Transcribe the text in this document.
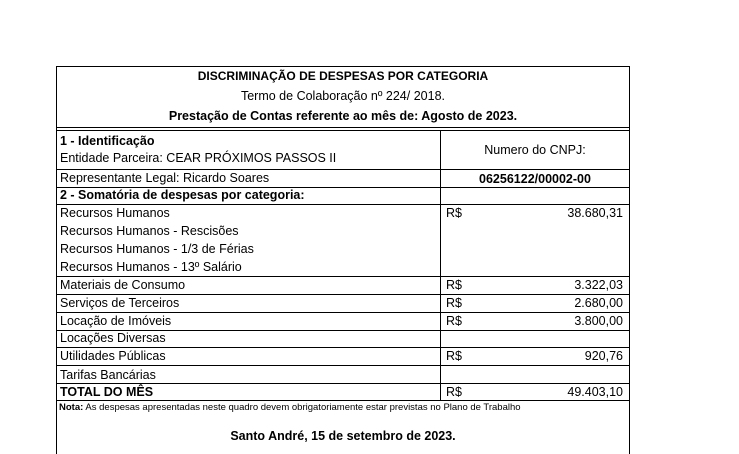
DISCRIMINAÇÃO DE DESPESAS POR CATEGORIA
Termo de Colaboração nº 224/ 2018.
Prestação de Contas referente ao mês de: Agosto de 2023.
1 - Identificação
Entidade Parceira: CEAR PRÓXIMOS PASSOS II
Numero do CNPJ:
Representante Legal: Ricardo Soares	06256122/00002-00
2 - Somatória de despesas por categoria:
Recursos Humanos	R$	38.680,31
Recursos Humanos - Rescisões
Recursos Humanos - 1/3 de Férias
Recursos Humanos - 13º Salário
Materiais de Consumo	R$	3.322,03
Serviços de Terceiros	R$	2.680,00
Locação de Imóveis	R$	3.800,00
Locações Diversas
Utilidades Públicas	R$	920,76
Tarifas Bancárias
TOTAL DO MÊS	R$	49.403,10
Nota: As despesas apresentadas neste quadro devem obrigatoriamente estar previstas no Plano de Trabalho
Santo André, 15 de setembro de 2023.
